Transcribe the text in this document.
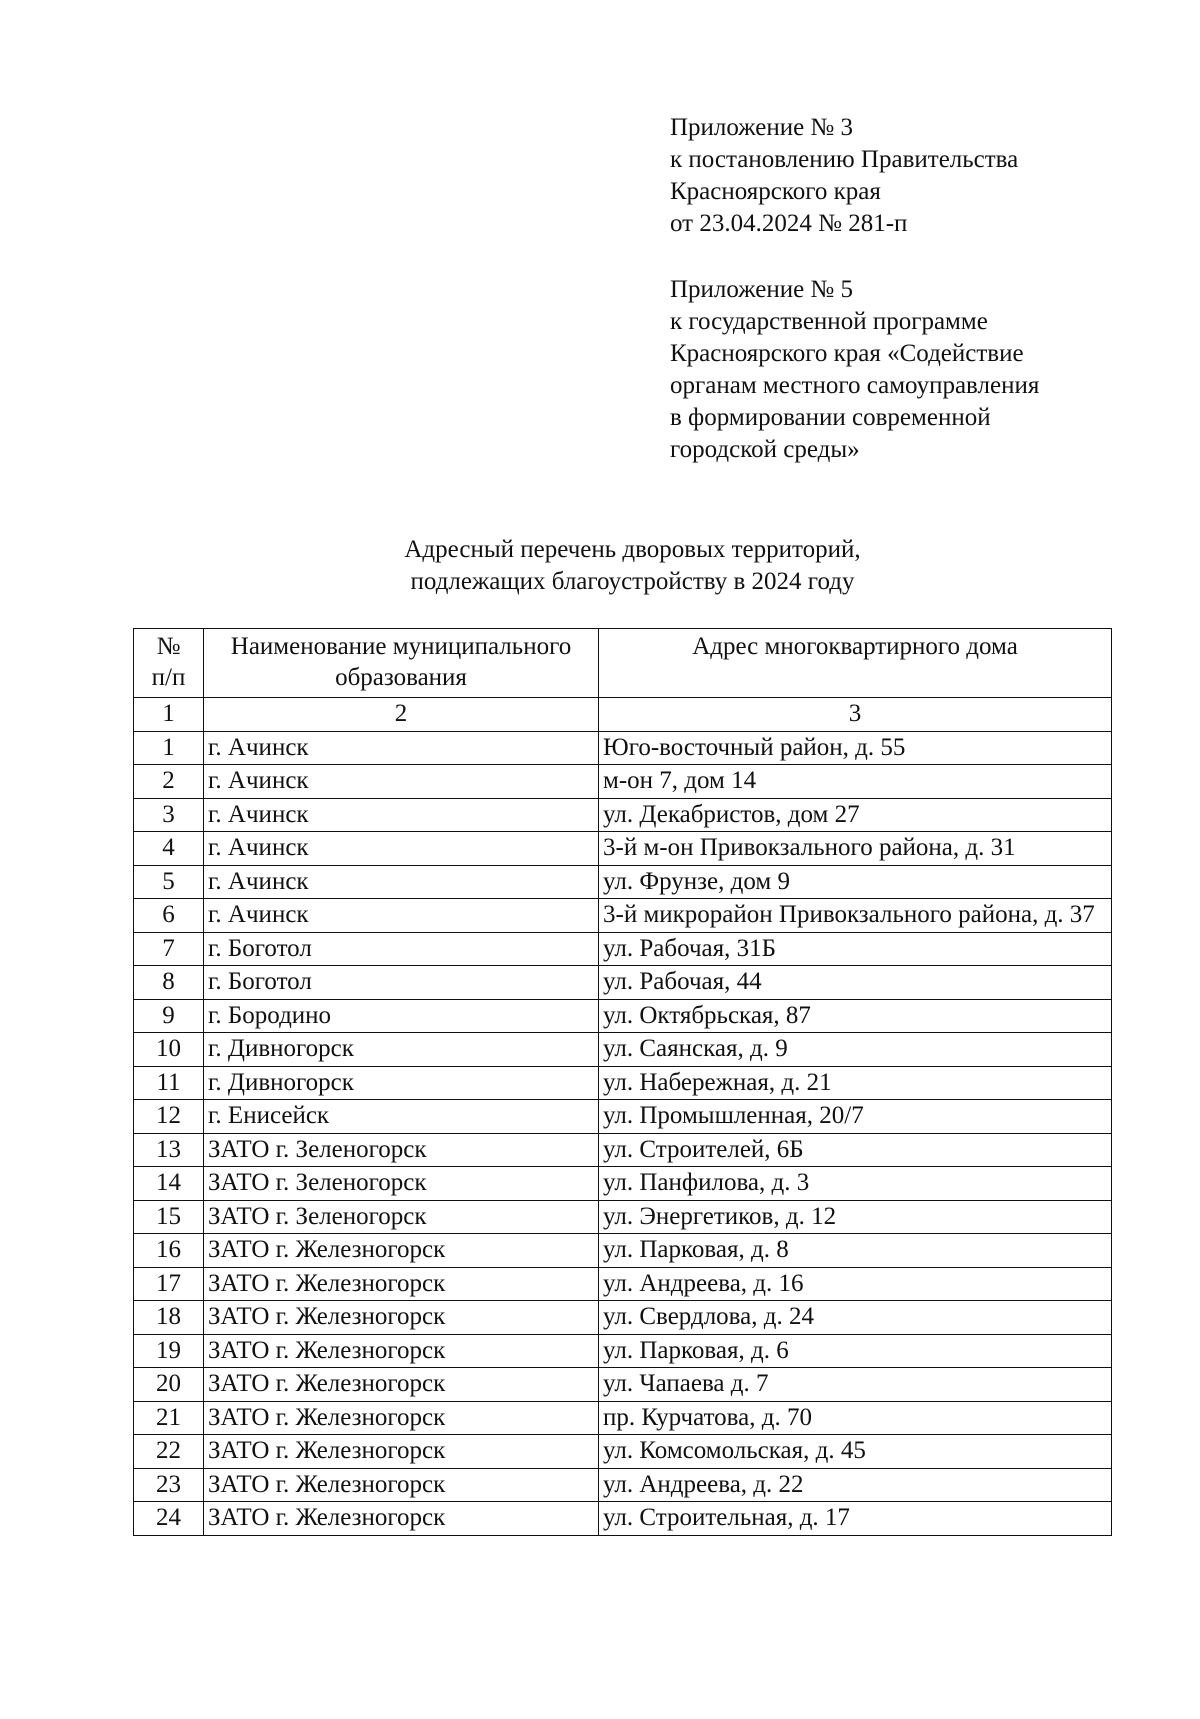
Приложение № 3
к постановлению Правительства
Красноярского края
от 23.04.2024 № 281-п
Приложение № 5
к государственной программе
Красноярского края «Содействие
органам местного самоуправления
в формировании современной
городской среды»
Адресный перечень дворовых территорий,
подлежащих благоустройству в 2024 году
№ п/п	Наименование муниципального образования	Адрес многоквартирного дома
1	2	3
1	г. Ачинск	Юго-восточный район, д. 55
2	г. Ачинск	м-он 7, дом 14
3	г. Ачинск	ул. Декабристов, дом 27
4	г. Ачинск	3-й м-он Привокзального района, д. 31
5	г. Ачинск	ул. Фрунзе, дом 9
6	г. Ачинск	3-й микрорайон Привокзального района, д. 37
7	г. Боготол	ул. Рабочая, 31Б
8	г. Боготол	ул. Рабочая, 44
9	г. Бородино	ул. Октябрьская, 87
10	г. Дивногорск	ул. Саянская, д. 9
11	г. Дивногорск	ул. Набережная, д. 21
12	г. Енисейск	ул. Промышленная, 20/7
13	ЗАТО г. Зеленогорск	ул. Строителей, 6Б
14	ЗАТО г. Зеленогорск	ул. Панфилова, д. 3
15	ЗАТО г. Зеленогорск	ул. Энергетиков, д. 12
16	ЗАТО г. Железногорск	ул. Парковая, д. 8
17	ЗАТО г. Железногорск	ул. Андреева, д. 16
18	ЗАТО г. Железногорск	ул. Свердлова, д. 24
19	ЗАТО г. Железногорск	ул. Парковая, д. 6
20	ЗАТО г. Железногорск	ул. Чапаева д. 7
21	ЗАТО г. Железногорск	пр. Курчатова, д. 70
22	ЗАТО г. Железногорск	ул. Комсомольская, д. 45
23	ЗАТО г. Железногорск	ул. Андреева, д. 22
24	ЗАТО г. Железногорск	ул. Строительная, д. 17
